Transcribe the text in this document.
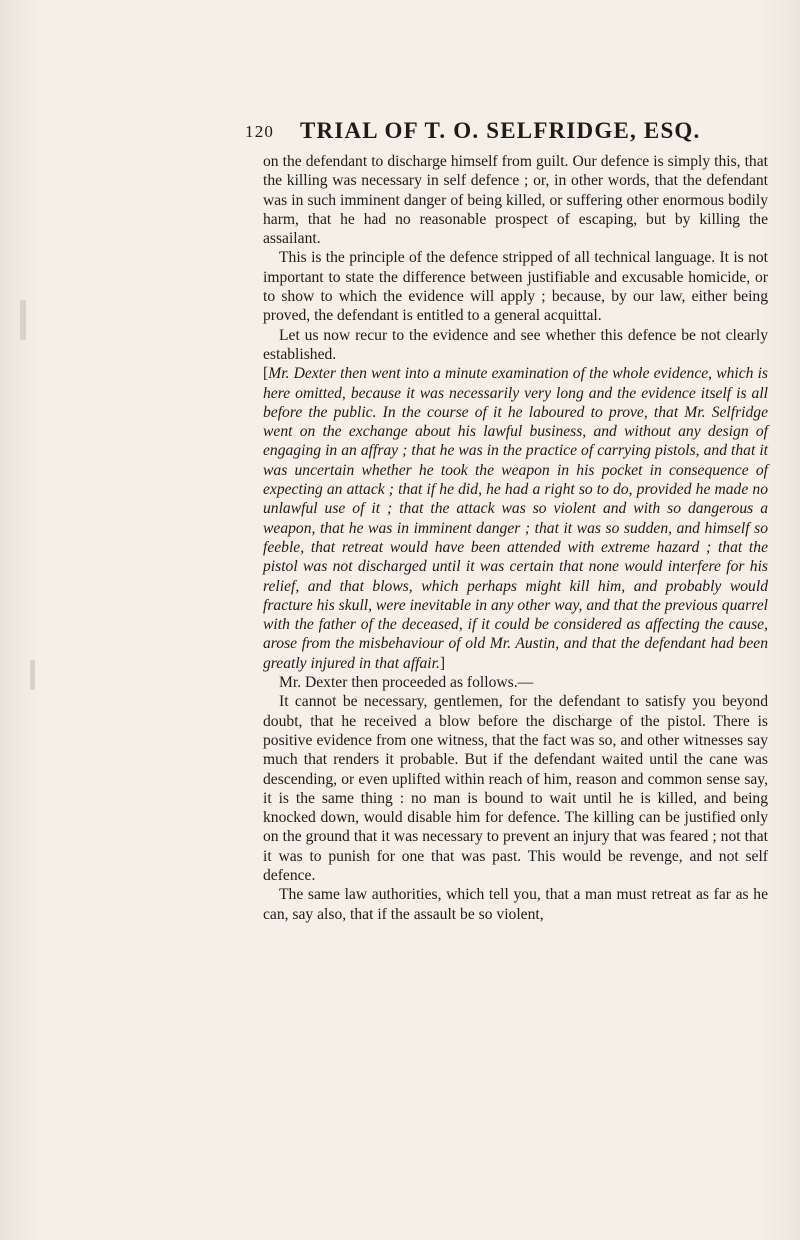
120 TRIAL OF T. O. SELFRIDGE, ESQ.

on the defendant to discharge himself from guilt. Our defence is simply this, that the killing was necessary in self defence ; or, in other words, that the defendant was in such imminent danger of being killed, or suffering other enormous bodily harm, that he had no reasonable prospect of escaping, but by killing the assailant.

This is the principle of the defence stripped of all technical language. It is not important to state the difference between justifiable and excusable homicide, or to show to which the evidence will apply ; because, by our law, either being proved, the defendant is entitled to a general acquittal.

Let us now recur to the evidence and see whether this defence be not clearly established.

[Mr. Dexter then went into a minute examination of the whole evidence, which is here omitted, because it was necessarily very long and the evidence itself is all before the public. In the course of it he laboured to prove, that Mr. Selfridge went on the exchange about his lawful business, and without any design of engaging in an affray ; that he was in the practice of carrying pistols, and that it was uncertain whether he took the weapon in his pocket in consequence of expecting an attack ; that if he did, he had a right so to do, provided he made no unlawful use of it ; that the attack was so violent and with so dangerous a weapon, that he was in imminent danger ; that it was so sudden, and himself so feeble, that retreat would have been attended with extreme hazard ; that the pistol was not discharged until it was certain that none would interfere for his relief, and that blows, which perhaps might kill him, and probably would fracture his skull, were inevitable in any other way, and that the previous quarrel with the father of the deceased, if it could be considered as affecting the cause, arose from the misbehaviour of old Mr. Austin, and that the defendant had been greatly injured in that affair.]

Mr. Dexter then proceeded as follows.—

It cannot be necessary, gentlemen, for the defendant to satisfy you beyond doubt, that he received a blow before the discharge of the pistol. There is positive evidence from one witness, that the fact was so, and other witnesses say much that renders it probable. But if the defendant waited until the cane was descending, or even uplifted within reach of him, reason and common sense say, it is the same thing : no man is bound to wait until he is killed, and being knocked down, would disable him for defence. The killing can be justified only on the ground that it was necessary to prevent an injury that was feared ; not that it was to punish for one that was past. This would be revenge, and not self defence.

The same law authorities, which tell you, that a man must retreat as far as he can, say also, that if the assault be so violent,
